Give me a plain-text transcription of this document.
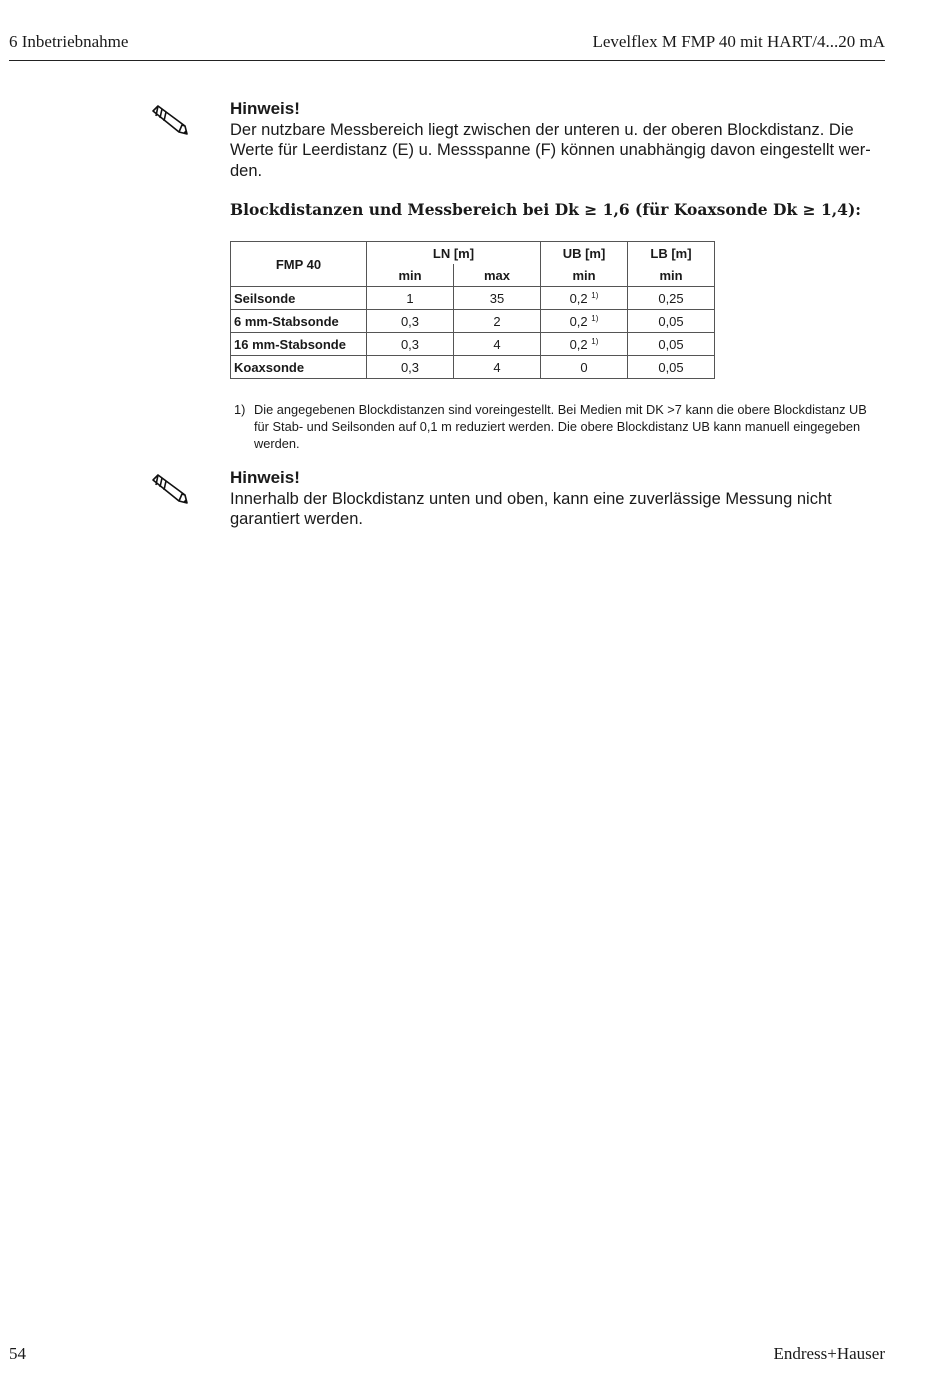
6 Inbetriebnahme	Levelflex M FMP 40 mit HART/4...20 mA
Hinweis!
Der nutzbare Messbereich liegt zwischen der unteren u. der oberen Blockdistanz. Die Werte für Leerdistanz (E) u. Messspanne (F) können unabhängig davon eingestellt wer-den.
Blockdistanzen und Messbereich bei Dk ≥ 1,6 (für Koaxsonde Dk ≥ 1,4):
FMP 40	LN [m]		UB [m]	LB [m]
	min	max	min	min
Seilsonde	1	35	0,2 $^{1)}$	0,25
6 mm-Stabsonde	0,3	2	0,2 $^{1)}$	0,05
16 mm-Stabsonde	0,3	4	0,2 $^{1)}$	0,05
Koaxsonde	0,3	4	0	0,05
1) Die angegebenen Blockdistanzen sind voreingestellt. Bei Medien mit DK >7 kann die obere Blockdistanz UB für Stab- und Seilsonden auf 0,1 m reduziert werden. Die obere Blockdistanz UB kann manuell eingegeben werden.
Hinweis!
Innerhalb der Blockdistanz unten und oben, kann eine zuverlässige Messung nicht garantiert werden.
54	Endress+Hauser
